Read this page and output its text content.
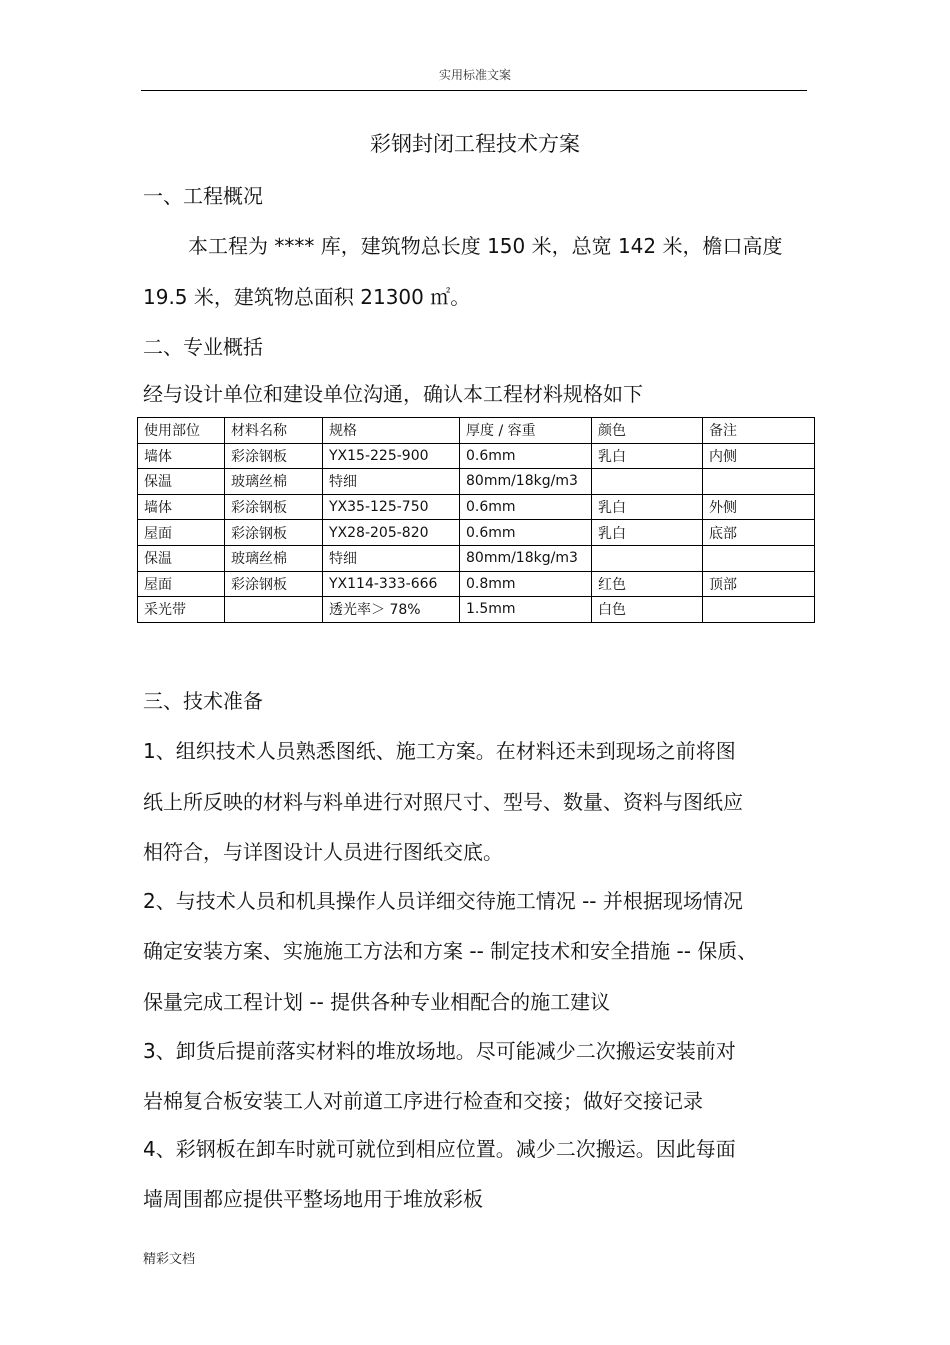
实用标准文案
彩钢封闭工程技术方案
一、工程概况
本工程为 **** 库，建筑物总长度 150 米，总宽 142 米，檐口高度
19.5 米，建筑物总面积 21300 ㎡。
二、专业概括
经与设计单位和建设单位沟通，确认本工程材料规格如下
使用部位	材料名称	规格	厚度 / 容重	颜色	备注
墙体	彩涂钢板	YX15-225-900	0.6mm	乳白	内侧
保温	玻璃丝棉	特细	80mm/18kg/m3		
墙体	彩涂钢板	YX35-125-750	0.6mm	乳白	外侧
屋面	彩涂钢板	YX28-205-820	0.6mm	乳白	底部
保温	玻璃丝棉	特细	80mm/18kg/m3		
屋面	彩涂钢板	YX114-333-666	0.8mm	红色	顶部
采光带		透光率＞ 78%	1.5mm	白色	
三、技术准备
1、组织技术人员熟悉图纸、施工方案。在材料还未到现场之前将图
纸上所反映的材料与料单进行对照尺寸、型号、数量、资料与图纸应
相符合，与详图设计人员进行图纸交底。
2、与技术人员和机具操作人员详细交待施工情况 -- 并根据现场情况
确定安装方案、实施施工方法和方案 -- 制定技术和安全措施 -- 保质、
保量完成工程计划 -- 提供各种专业相配合的施工建议
3、卸货后提前落实材料的堆放场地。尽可能减少二次搬运安装前对
岩棉复合板安装工人对前道工序进行检查和交接；做好交接记录
4、彩钢板在卸车时就可就位到相应位置。减少二次搬运。因此每面
墙周围都应提供平整场地用于堆放彩板
精彩文档
